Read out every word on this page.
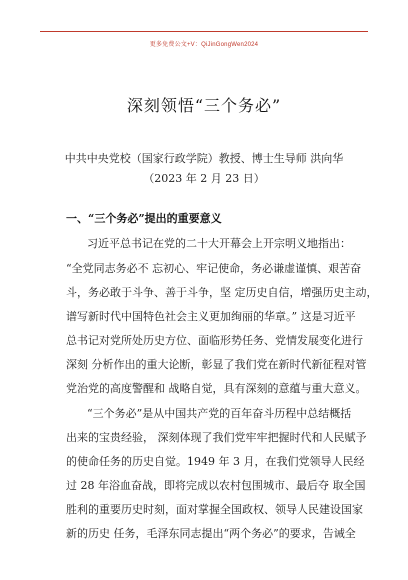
更多免费公文+V：QiJinGongWen2024
深刻领悟“三个务必”
中共中央党校（国家行政学院）教授、博士生导师 洪向华
（2023 年 2 月 23 日）
一、“三个务必”提出的重要意义
习近平总书记在党的二十大开幕会上开宗明义地指出：
“全党同志务必不 忘初心、牢记使命，务必谦虚谨慎、艰苦奋
斗，务必敢于斗争、善于斗争，坚 定历史自信，增强历史主动，
谱写新时代中国特色社会主义更加绚丽的华章。” 这是习近平
总书记对党所处历史方位、面临形势任务、党情发展变化进行
深刻 分析作出的重大论断，彰显了我们党在新时代新征程对管
党治党的高度警醒和 战略自觉，具有深刻的意蕴与重大意义。
“三个务必”是从中国共产党的百年奋斗历程中总结概括
出来的宝贵经验， 深刻体现了我们党牢牢把握时代和人民赋予
的使命任务的历史自觉。1949 年 3 月，在我们党领导人民经
过 28 年浴血奋战，即将完成以农村包围城市、最后夺 取全国
胜利的重要历史时刻，面对掌握全国政权、领导人民建设国家
新的历史 任务，毛泽东同志提出“两个务必”的要求，告诫全
